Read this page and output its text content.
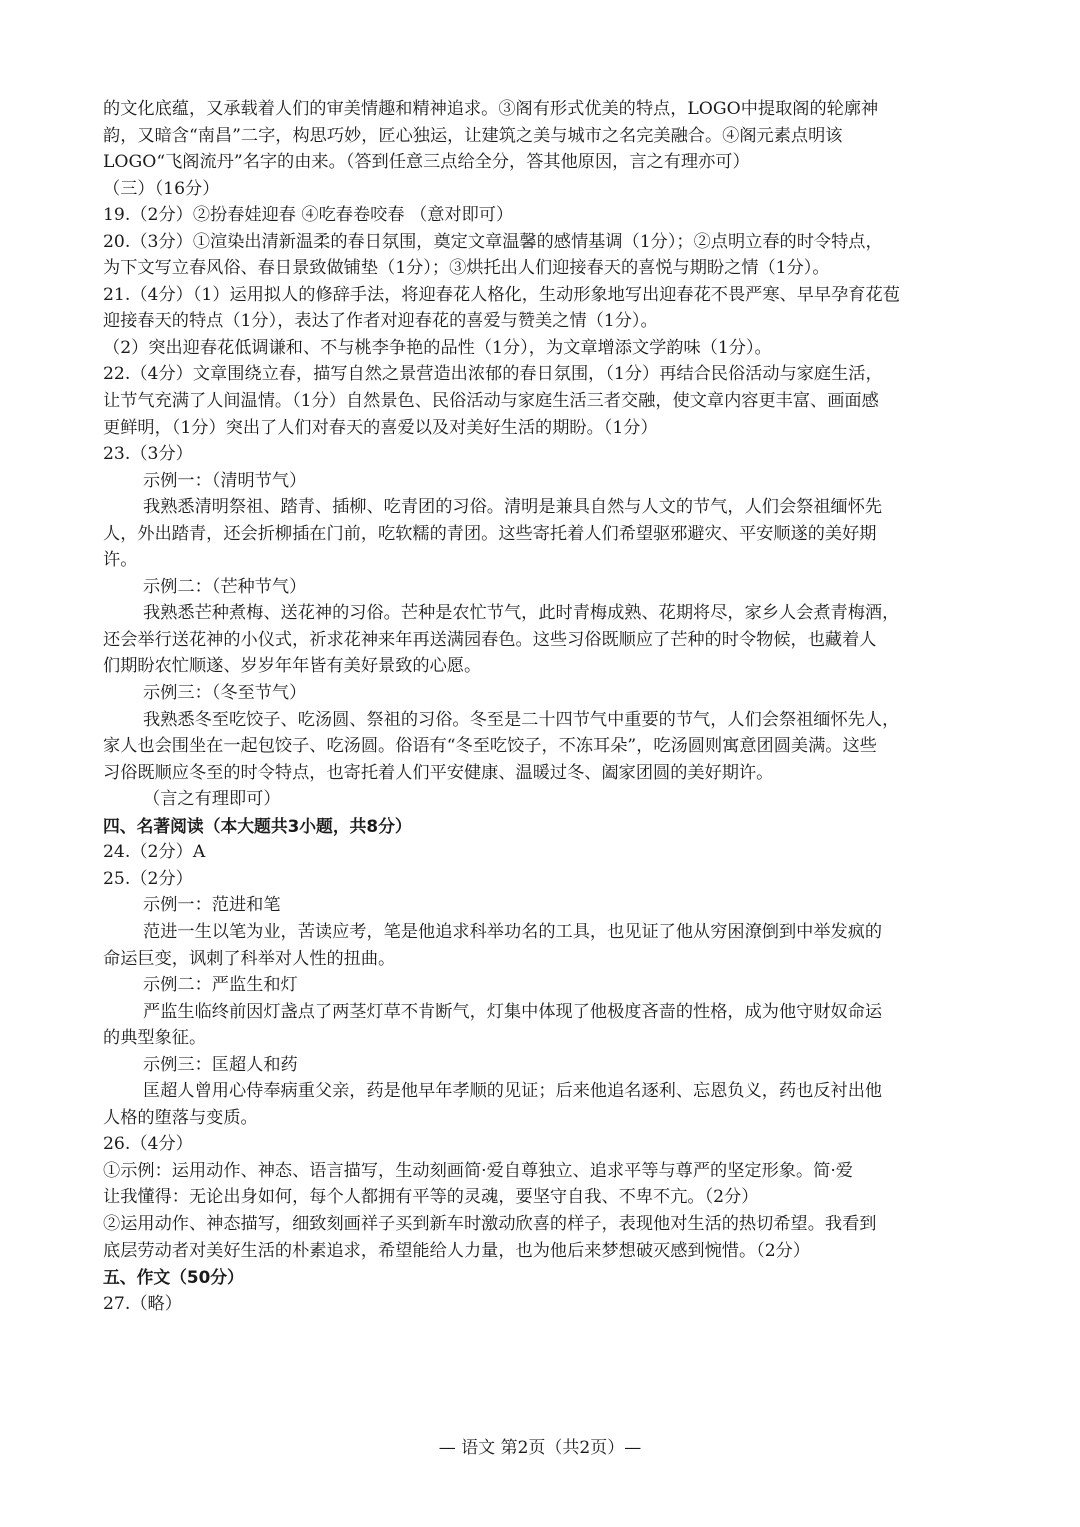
的文化底蕴，又承载着人们的审美情趣和精神追求。③阁有形式优美的特点，LOGO中提取阁的轮廓神
韵，又暗含“南昌”二字，构思巧妙，匠心独运，让建筑之美与城市之名完美融合。④阁元素点明该
LOGO“飞阁流丹”名字的由来。（答到任意三点给全分，答其他原因，言之有理亦可）
（三）（16分）
19.（2分）②扮春娃迎春 ④吃春卷咬春 （意对即可）
20.（3分）①渲染出清新温柔的春日氛围，奠定文章温馨的感情基调（1分）；②点明立春的时令特点，
为下文写立春风俗、春日景致做铺垫（1分）；③烘托出人们迎接春天的喜悦与期盼之情（1分）。
21.（4分）（1）运用拟人的修辞手法，将迎春花人格化，生动形象地写出迎春花不畏严寒、早早孕育花苞
迎接春天的特点（1分），表达了作者对迎春花的喜爱与赞美之情（1分）。
（2）突出迎春花低调谦和、不与桃李争艳的品性（1分），为文章增添文学韵味（1分）。
22.（4分）文章围绕立春，描写自然之景营造出浓郁的春日氛围，（1分）再结合民俗活动与家庭生活，
让节气充满了人间温情。（1分）自然景色、民俗活动与家庭生活三者交融，使文章内容更丰富、画面感
更鲜明，（1分）突出了人们对春天的喜爱以及对美好生活的期盼。（1分）
23.（3分）
示例一：（清明节气）
我熟悉清明祭祖、踏青、插柳、吃青团的习俗。清明是兼具自然与人文的节气，人们会祭祖缅怀先
人，外出踏青，还会折柳插在门前，吃软糯的青团。这些寄托着人们希望驱邪避灾、平安顺遂的美好期
许。
示例二：（芒种节气）
我熟悉芒种煮梅、送花神的习俗。芒种是农忙节气，此时青梅成熟、花期将尽，家乡人会煮青梅酒，
还会举行送花神的小仪式，祈求花神来年再送满园春色。这些习俗既顺应了芒种的时令物候，也藏着人
们期盼农忙顺遂、岁岁年年皆有美好景致的心愿。
示例三：（冬至节气）
我熟悉冬至吃饺子、吃汤圆、祭祖的习俗。冬至是二十四节气中重要的节气，人们会祭祖缅怀先人，
家人也会围坐在一起包饺子、吃汤圆。俗语有“冬至吃饺子，不冻耳朵”，吃汤圆则寓意团圆美满。这些
习俗既顺应冬至的时令特点，也寄托着人们平安健康、温暖过冬、阖家团圆的美好期许。
（言之有理即可）
四、名著阅读（本大题共3小题，共8分）
24.（2分）A
25.（2分）
示例一：范进和笔
范进一生以笔为业，苦读应考，笔是他追求科举功名的工具，也见证了他从穷困潦倒到中举发疯的
命运巨变，讽刺了科举对人性的扭曲。
示例二：严监生和灯
严监生临终前因灯盏点了两茎灯草不肯断气，灯集中体现了他极度吝啬的性格，成为他守财奴命运
的典型象征。
示例三：匡超人和药
匡超人曾用心侍奉病重父亲，药是他早年孝顺的见证；后来他追名逐利、忘恩负义，药也反衬出他
人格的堕落与变质。
26.（4分）
①示例：运用动作、神态、语言描写，生动刻画简·爱自尊独立、追求平等与尊严的坚定形象。简·爱
让我懂得：无论出身如何，每个人都拥有平等的灵魂，要坚守自我、不卑不亢。（2分）
②运用动作、神态描写，细致刻画祥子买到新车时激动欣喜的样子，表现他对生活的热切希望。我看到
底层劳动者对美好生活的朴素追求，希望能给人力量，也为他后来梦想破灭感到惋惜。（2分）
五、作文（50分）
27.（略）
— 语文 第2页（共2页）—
